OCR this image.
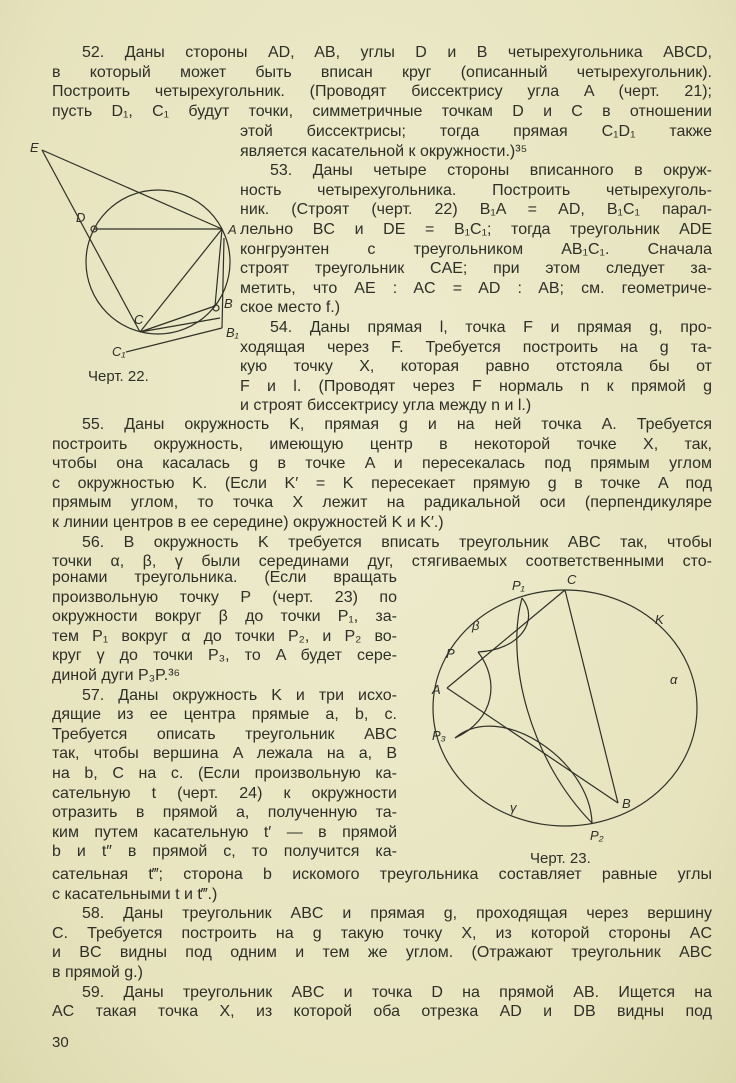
52. Даны стороны AD, AB, углы D и B четырехугольника ABCD,
в который может быть вписан круг (описанный четырехугольник).
Построить четырехугольник. (Проводят биссектрису угла A (черт. 21);
пусть D₁, C₁ будут точки, симметричные точкам D и C в отношении
этой биссектрисы; тогда прямая C₁D₁ также
является касательной к окружности.)³⁵
53. Даны четыре стороны вписанного в окруж-
ность четырехугольника. Построить четырехуголь-
ник. (Строят (черт. 22) B₁A = AD, B₁C₁ парал-
лельно BC и DE = B₁C₁; тогда треугольник ADE
конгруэнтен с треугольником AB₁C₁. Сначала
строят треугольник CAE; при этом следует за-
метить, что AE : AC = AD : AB; см. геометриче-
ское место f.)
54. Даны прямая l, точка F и прямая g, про-
ходящая через F. Требуется построить на g та-
кую точку X, которая равно отстояла бы от
F и l. (Проводят через F нормаль n к прямой g
и строят биссектрису угла между n и l.)
55. Даны окружность K, прямая g и на ней точка A. Требуется
построить окружность, имеющую центр в некоторой точке X, так,
чтобы она касалась g в точке A и пересекалась под прямым углом
с окружностью K. (Если K′ = K пересекает прямую g в точке A под
прямым углом, то точка X лежит на радикальной оси (перпендикуляре
к линии центров в ее середине) окружностей K и K′.)
56. В окружность K требуется вписать треугольник ABC так, чтобы
точки α, β, γ были серединами дуг, стягиваемых соответственными сто-
ронами треугольника. (Если вращать
произвольную точку P (черт. 23) по
окружности вокруг β до точки P₁, за-
тем P₁ вокруг α до точки P₂, и P₂ во-
круг γ до точки P₃, то A будет сере-
диной дуги P₃P.³⁶
57. Даны окружность K и три исхо-
дящие из ее центра прямые a, b, c.
Требуется описать треугольник ABC
так, чтобы вершина A лежала на a, B
на b, C на c. (Если произвольную ка-
сательную t (черт. 24) к окружности
отразить в прямой a, полученную та-
ким путем касательную t′ — в прямой
b и t″ в прямой c, то получится ка-
сательная t‴; сторона b искомого треугольника составляет равные углы
с касательными t и t‴.)
58. Даны треугольник ABC и прямая g, проходящая через вершину
C. Требуется построить на g такую точку X, из которой стороны AC
и BC видны под одним и тем же углом. (Отражают треугольник ABC
в прямой g.)
59. Даны треугольник ABC и точка D на прямой AB. Ищется на
AC такая точка X, из которой оба отрезка AD и DB видны под
E
D
A
B
B₁
C
C₁
C
P₁
K
β
P
A
α
P₃
γ	B
P₂
Черт. 22.
Черт. 23.
30
